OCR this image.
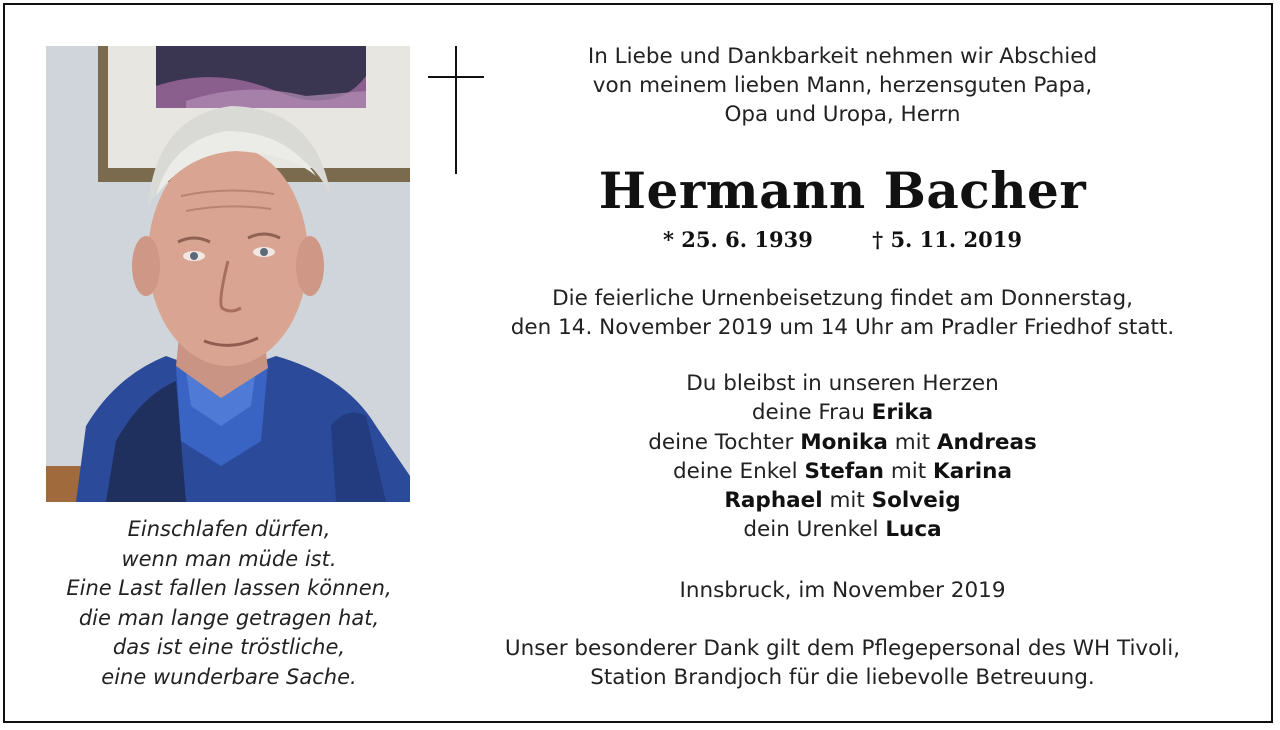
Einschlafen dürfen,
wenn man müde ist.
Eine Last fallen lassen können,
die man lange getragen hat,
das ist eine tröstliche,
eine wunderbare Sache.
In Liebe und Dankbarkeit nehmen wir Abschied
von meinem lieben Mann, herzensguten Papa,
Opa und Uropa, Herrn
Hermann Bacher
* 25. 6. 1939	† 5. 11. 2019
Die feierliche Urnenbeisetzung findet am Donnerstag,
den 14. November 2019 um 14 Uhr am Pradler Friedhof statt.
Du bleibst in unseren Herzen
deine Frau Erika
deine Tochter Monika mit Andreas
deine Enkel Stefan mit Karina
Raphael mit Solveig
dein Urenkel Luca
Innsbruck, im November 2019
Unser besonderer Dank gilt dem Pflegepersonal des WH Tivoli,
Station Brandjoch für die liebevolle Betreuung.
